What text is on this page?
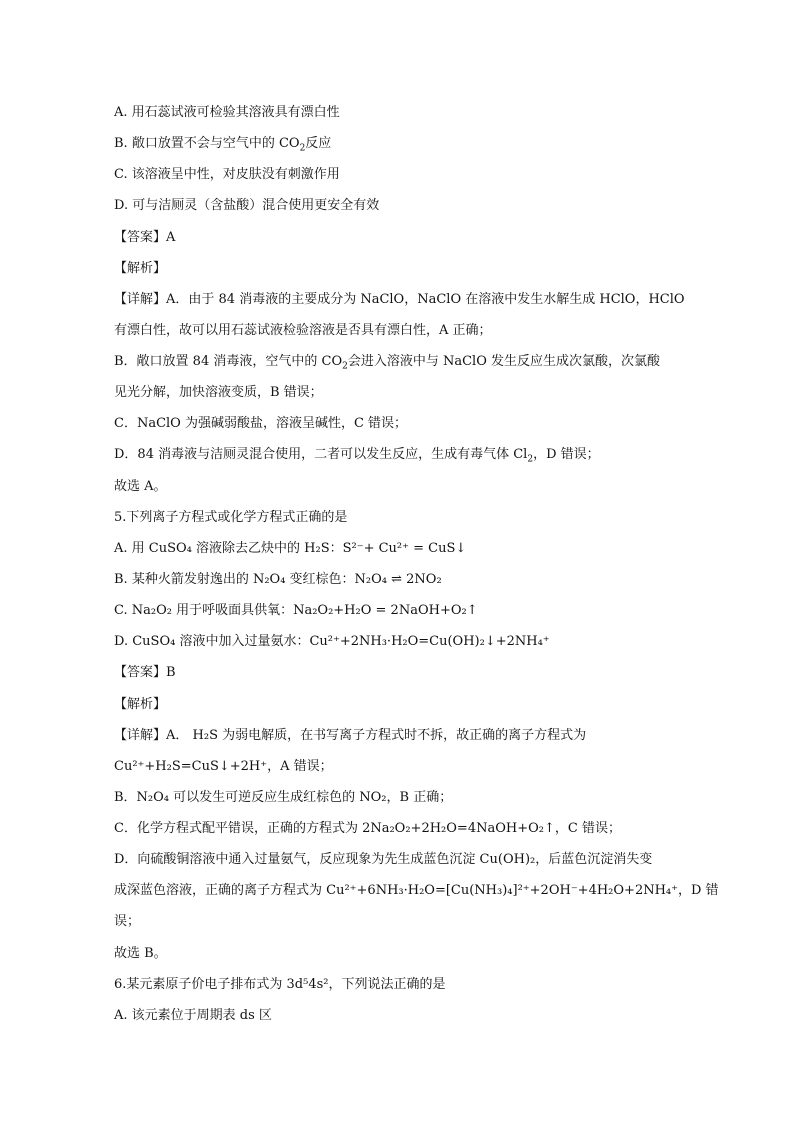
A. 用石蕊试液可检验其溶液具有漂白性
B. 敞口放置不会与空气中的 $CO_2$反应
C. 该溶液呈中性，对皮肤没有刺激作用
D. 可与洁厕灵（含盐酸）混合使用更安全有效
【答案】A
【解析】
【详解】A．由于 84 消毒液的主要成分为 NaClO，NaClO 在溶液中发生水解生成 HClO，HClO
有漂白性，故可以用石蕊试液检验溶液是否具有漂白性，A 正确；
B．敞口放置 84 消毒液，空气中的 $CO_2$会进入溶液中与 NaClO 发生反应生成次氯酸，次氯酸
见光分解，加快溶液变质，B 错误；
C．NaClO 为强碱弱酸盐，溶液呈碱性，C 错误；
D．84 消毒液与洁厕灵混合使用，二者可以发生反应，生成有毒气体 $Cl_2$，D 错误；
故选 A。
5.下列离子方程式或化学方程式正确的是
A. 用 CuSO₄ 溶液除去乙炔中的 H₂S：S²⁻+ Cu²⁺ = CuS↓
B. 某种火箭发射逸出的 N₂O₄ 变红棕色：N₂O₄ ⇌ 2NO₂
C. Na₂O₂ 用于呼吸面具供氧：Na₂O₂+H₂O = 2NaOH+O₂↑
D. CuSO₄ 溶液中加入过量氨水：Cu²⁺+2NH₃·H₂O=Cu(OH)₂↓+2NH₄⁺
【答案】B
【解析】
【详解】A． H₂S 为弱电解质，在书写离子方程式时不拆，故正确的离子方程式为
Cu²⁺+H₂S=CuS↓+2H⁺，A 错误；
B．N₂O₄ 可以发生可逆反应生成红棕色的 NO₂，B 正确；
C．化学方程式配平错误，正确的方程式为 2Na₂O₂+2H₂O=4NaOH+O₂↑，C 错误；
D．向硫酸铜溶液中通入过量氨气，反应现象为先生成蓝色沉淀 Cu(OH)₂，后蓝色沉淀消失变
成深蓝色溶液，正确的离子方程式为 Cu²⁺+6NH₃·H₂O=[Cu(NH₃)₄]²⁺+2OH⁻+4H₂O+2NH₄⁺，D 错
误；
故选 B。
6.某元素原子价电子排布式为 3d⁵4s²，下列说法正确的是
A. 该元素位于周期表 ds 区
